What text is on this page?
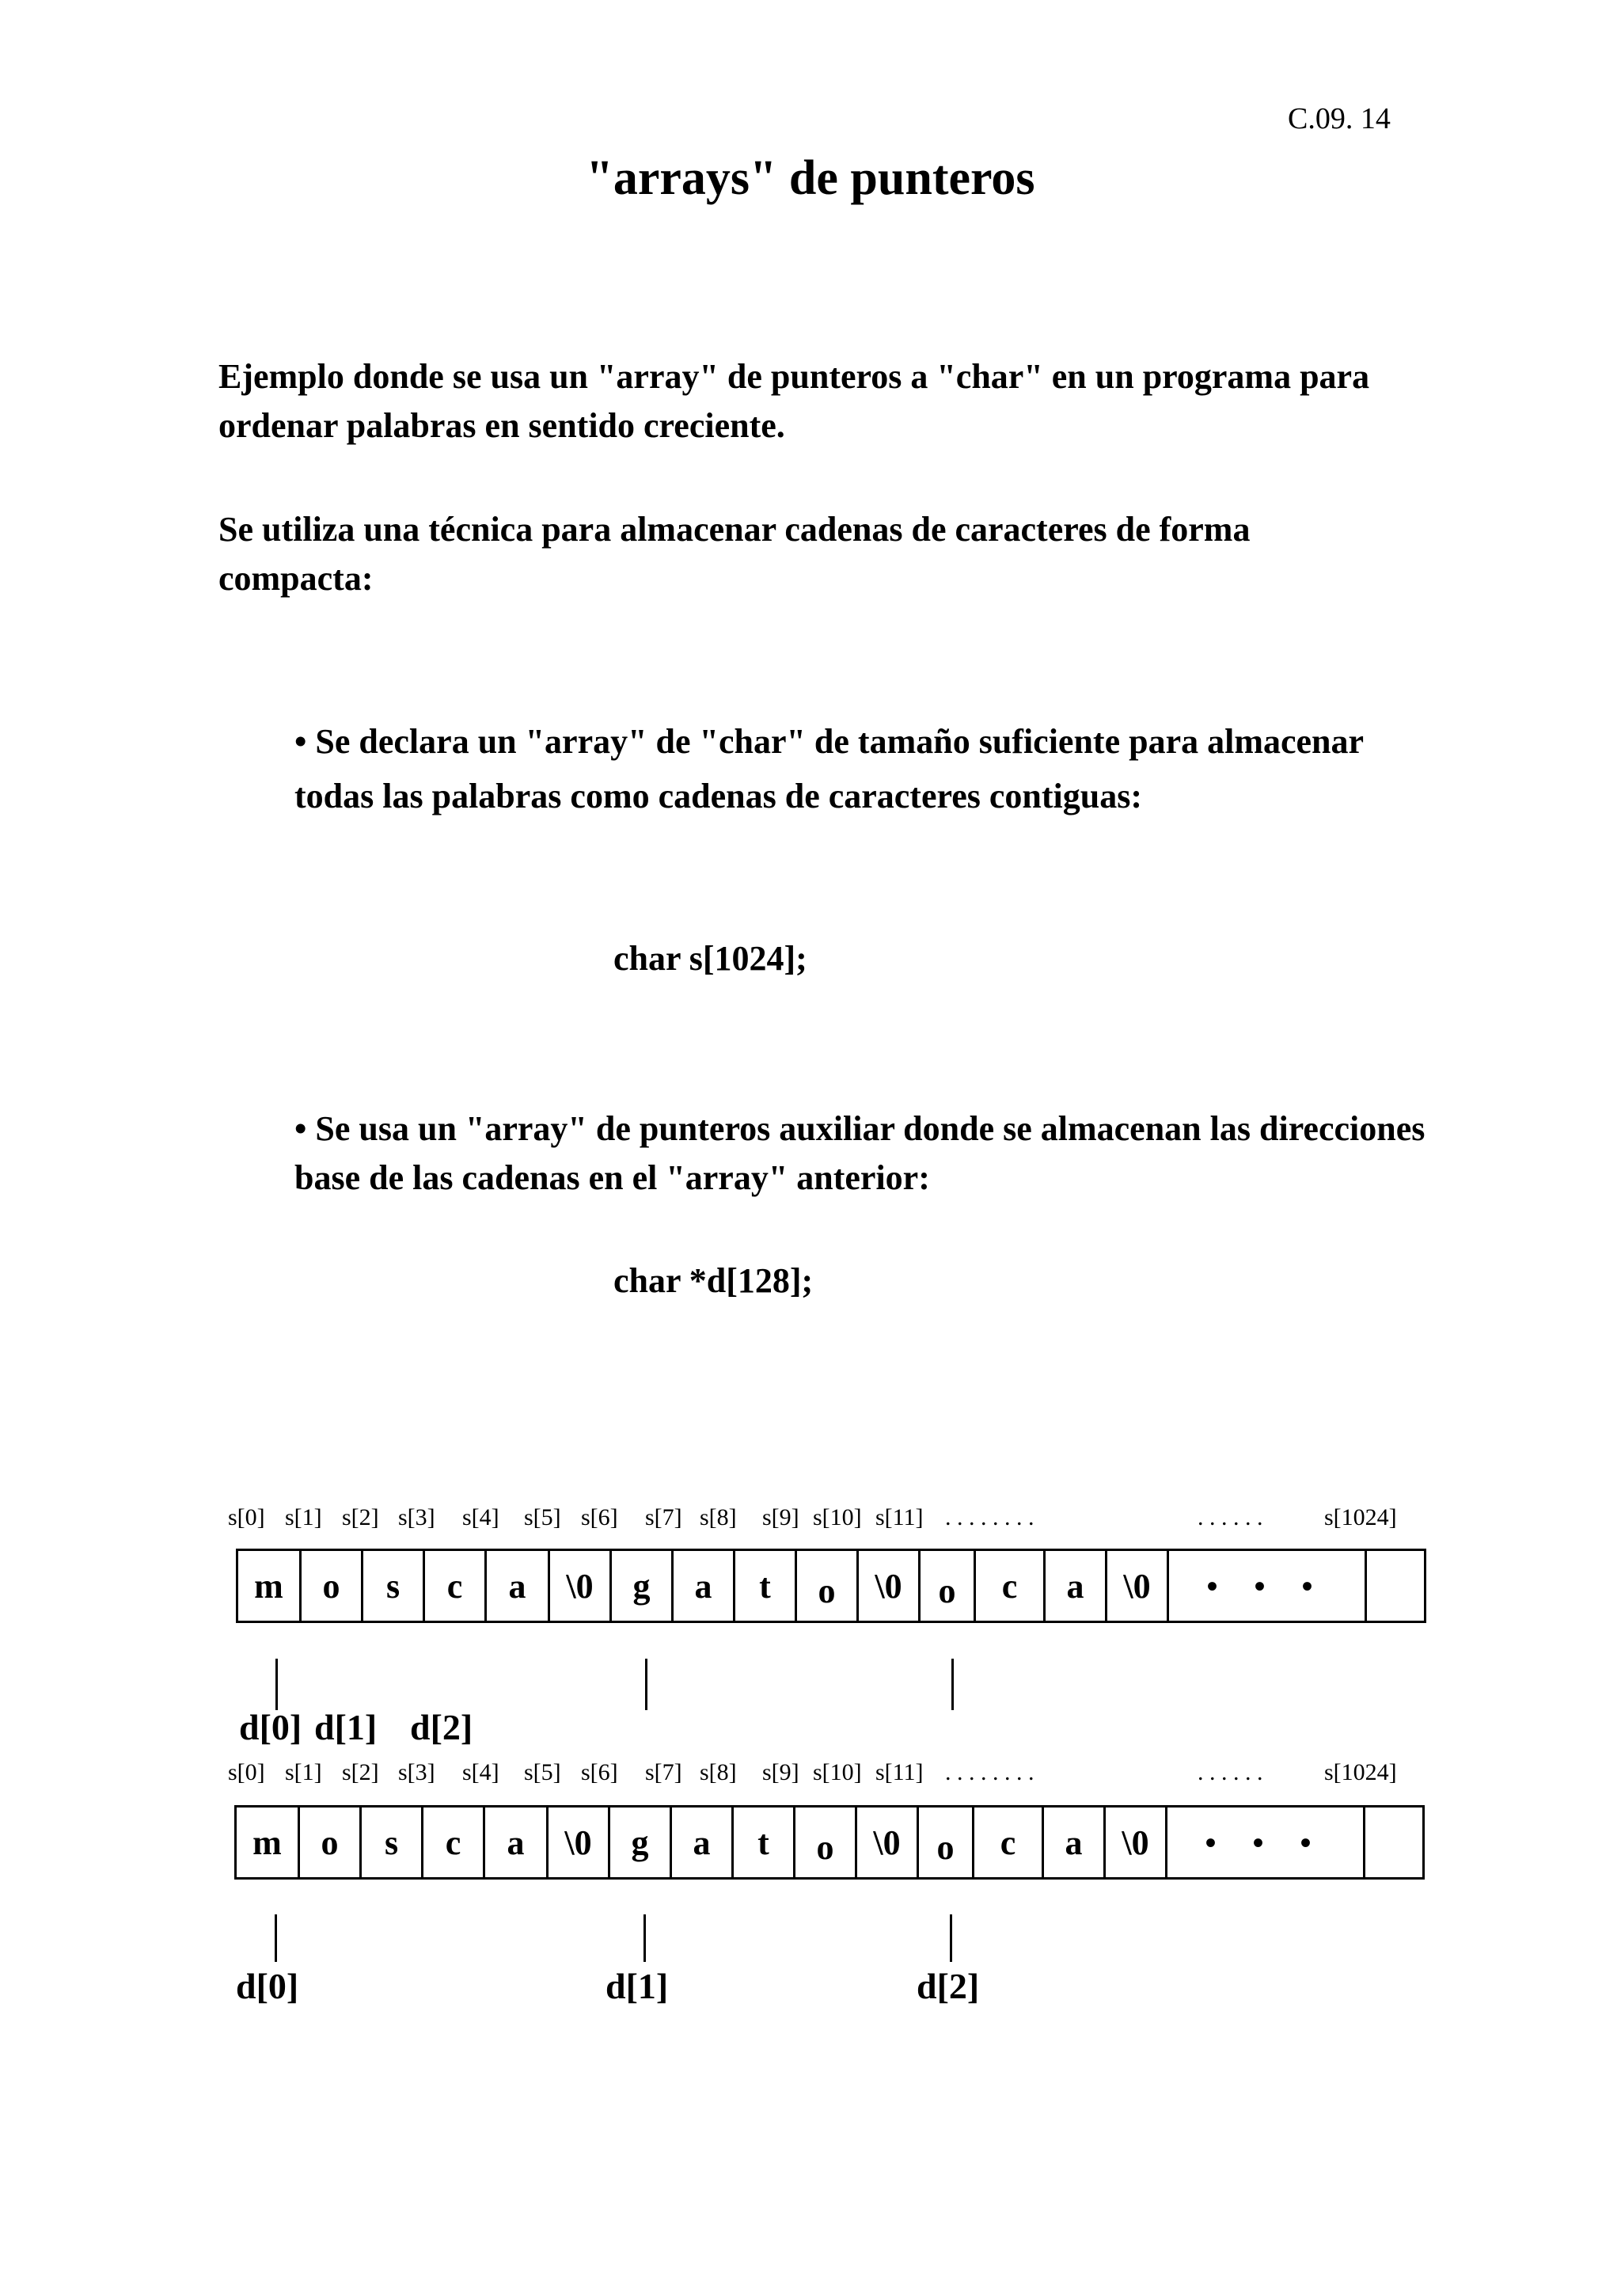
C.09. 14
"arrays" de punteros
Ejemplo donde se usa un "array" de punteros a "char" en un programa para ordenar palabras en sentido creciente.
Se utiliza una técnica para almacenar cadenas de caracteres de forma compacta:
• Se declara un "array" de "char" de tamaño suficiente para almacenar todas las palabras como cadenas de caracteres contiguas:
char s[1024];
• Se usa un "array" de punteros auxiliar donde se almacenan las direcciones base de las cadenas en el "array" anterior:
char *d[128];
s[0] s[1] s[2] s[3] s[4] s[5] s[6] s[7] s[8] s[9] s[10] s[11] . . . . . . . .	. . . . . .	s[1024]
m	o	s	c	a	\0	g	a	t	o	\0	o	c	a	\0	• • •
d[0] d[1] d[2]
s[0] s[1] s[2] s[3] s[4] s[5] s[6] s[7] s[8] s[9] s[10] s[11] . . . . . . . .	. . . . . .	s[1024]
m	o	s	c	a	\0	g	a	t	o	\0	o	c	a	\0	• • •
d[0]	d[1]	d[2]
